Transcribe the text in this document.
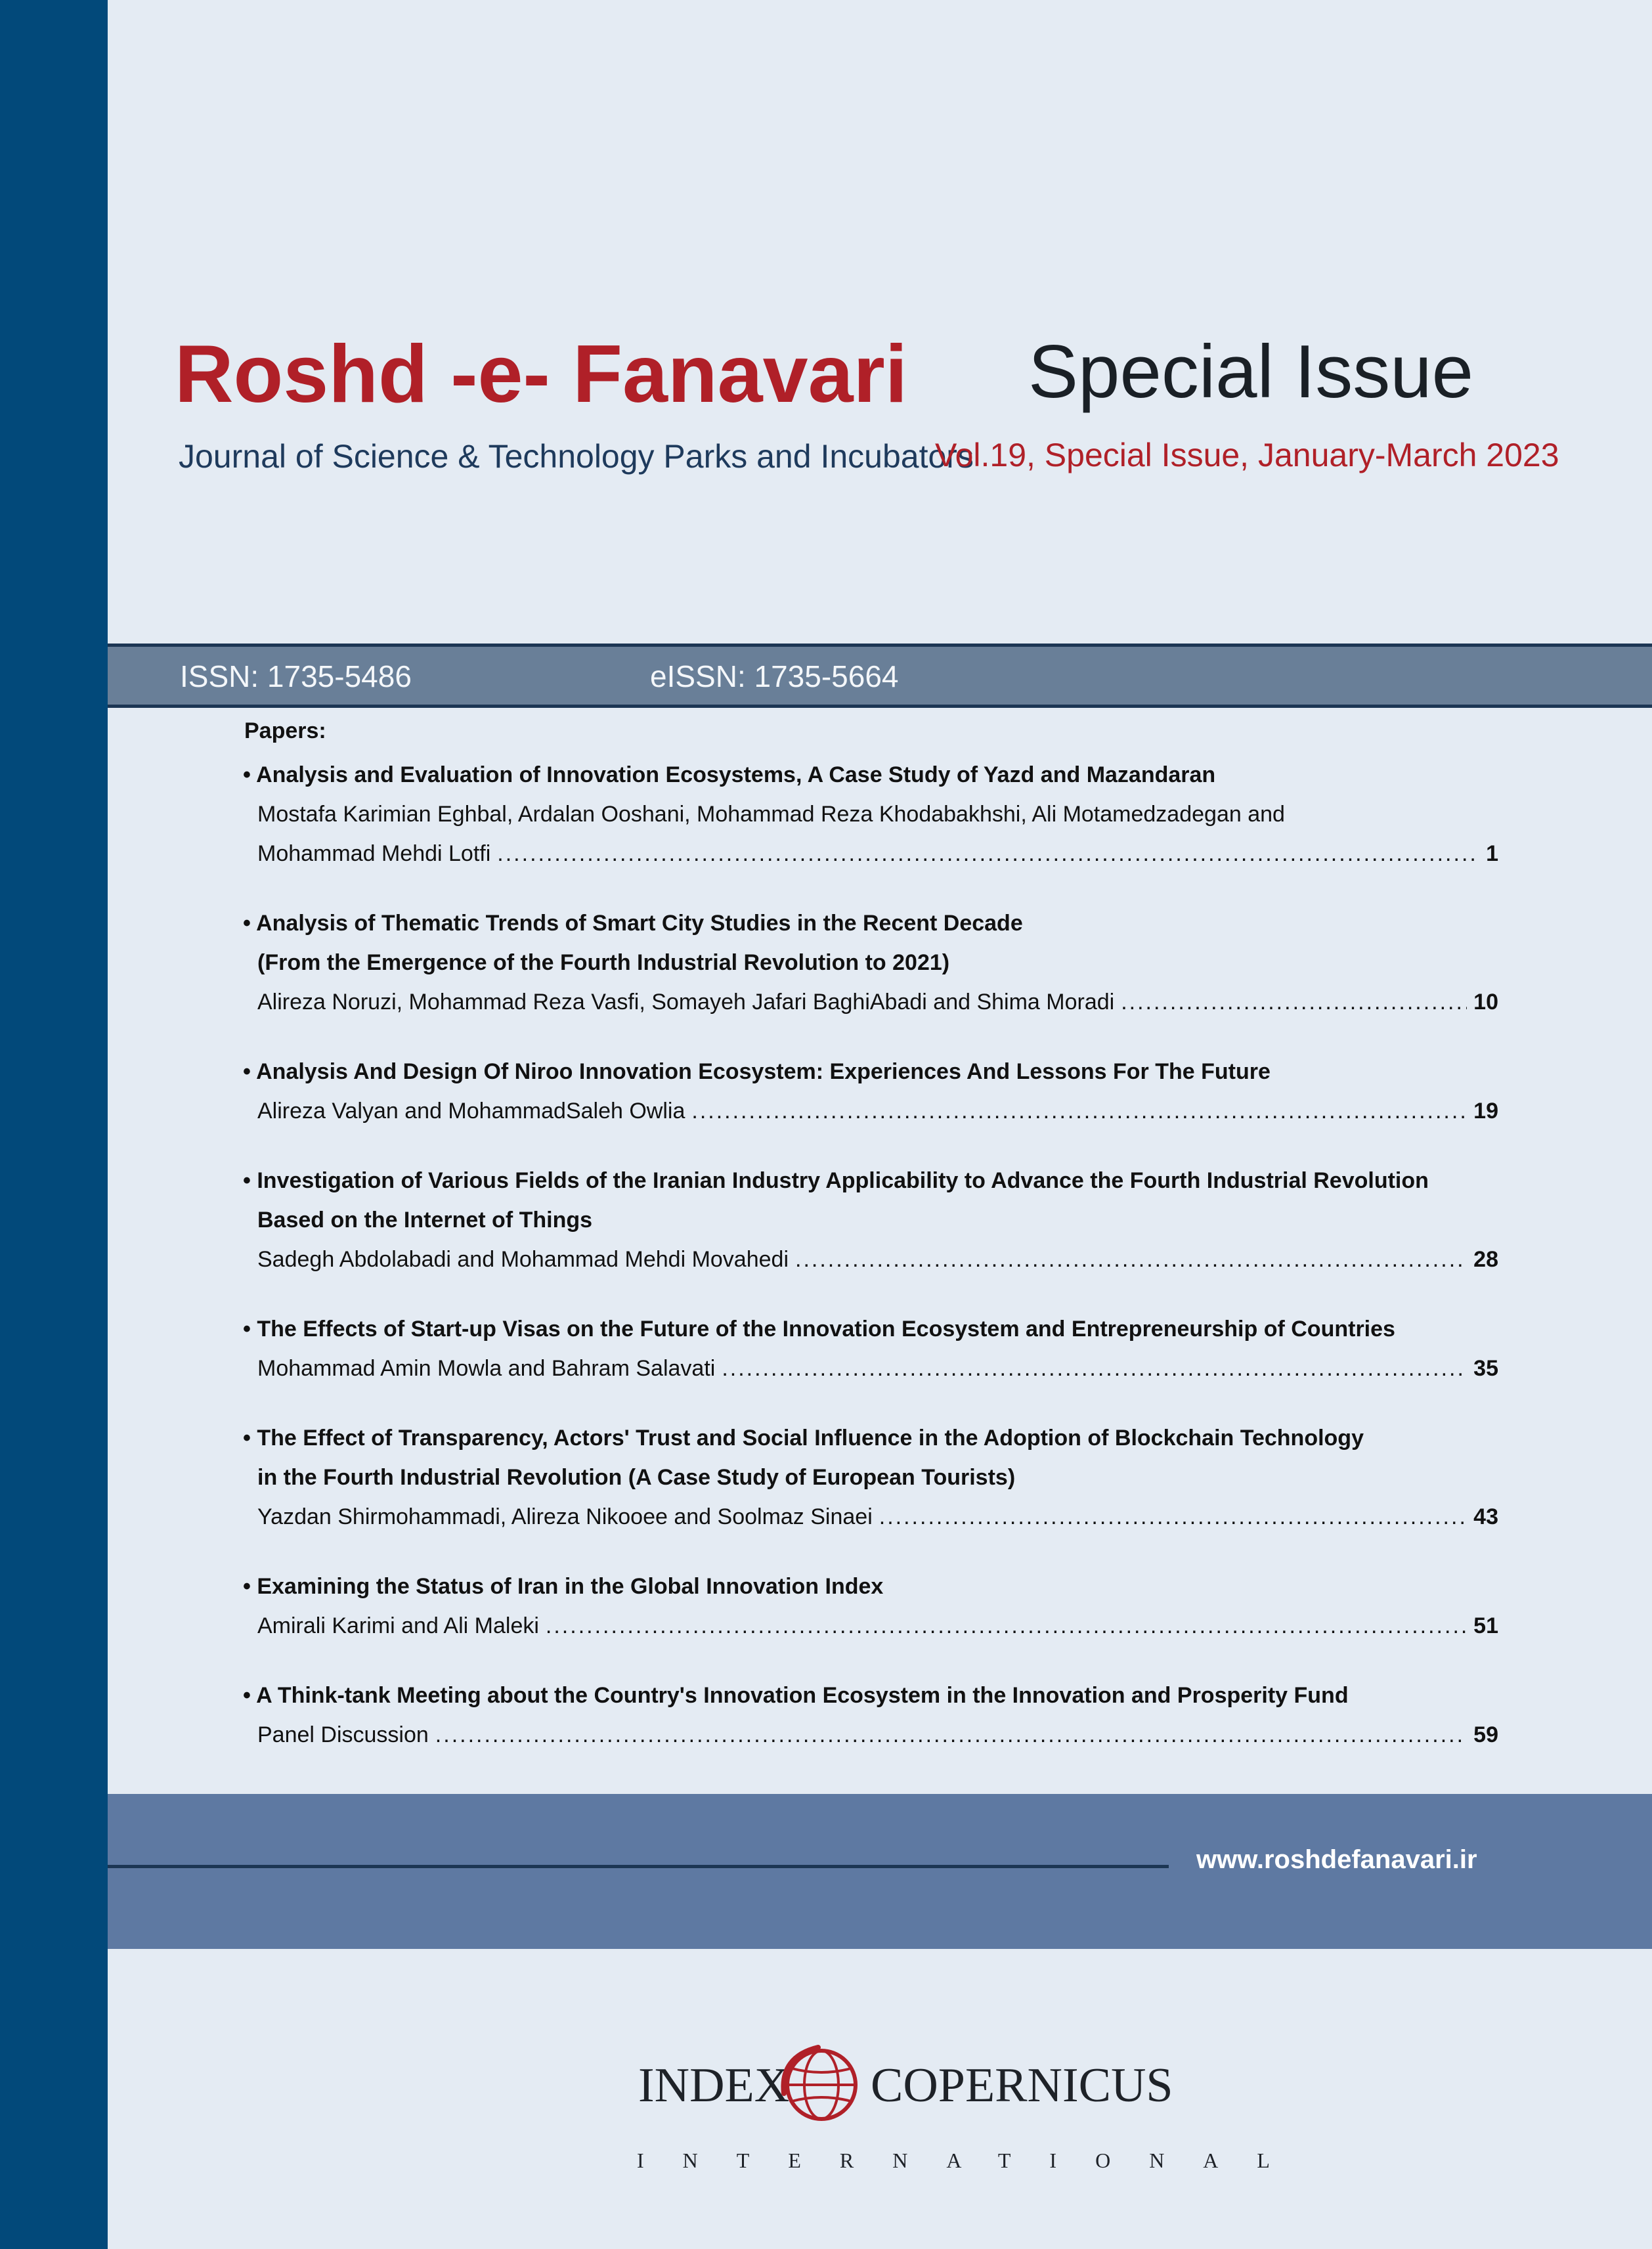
Roshd -e- Fanavari
Journal of Science & Technology Parks and Incubators
Special Issue
Vol.19, Special Issue, January-March 2023
ISSN: 1735-5486	eISSN: 1735-5664
Papers:
• Analysis and Evaluation of Innovation Ecosystems, A Case Study of Yazd and Mazandaran
Mostafa Karimian Eghbal, Ardalan Ooshani, Mohammad Reza Khodabakhshi, Ali Motamedzadegan and
Mohammad Mehdi Lotfi .....	1
• Analysis of Thematic Trends of Smart City Studies in the Recent Decade
(From the Emergence of the Fourth Industrial Revolution to 2021)
Alireza Noruzi, Mohammad Reza Vasfi, Somayeh Jafari BaghiAbadi and Shima Moradi .....	10
• Analysis And Design Of Niroo Innovation Ecosystem: Experiences And Lessons For The Future
Alireza Valyan and MohammadSaleh Owlia .....	19
• Investigation of Various Fields of the Iranian Industry Applicability to Advance the Fourth Industrial Revolution
Based on the Internet of Things
Sadegh Abdolabadi and Mohammad Mehdi Movahedi .....	28
• The Effects of Start-up Visas on the Future of the Innovation Ecosystem and Entrepreneurship of Countries
Mohammad Amin Mowla and Bahram Salavati .....	35
• The Effect of Transparency, Actors' Trust and Social Influence in the Adoption of Blockchain Technology
in the Fourth Industrial Revolution (A Case Study of European Tourists)
Yazdan Shirmohammadi, Alireza Nikooee and Soolmaz Sinaei .....	43
• Examining the Status of Iran in the Global Innovation Index
Amirali Karimi and Ali Maleki .....	51
• A Think-tank Meeting about the Country's Innovation Ecosystem in the Innovation and Prosperity Fund
Panel Discussion .....	59
www.roshdefanavari.ir
INDEX COPERNICUS
INTERNATIONAL
